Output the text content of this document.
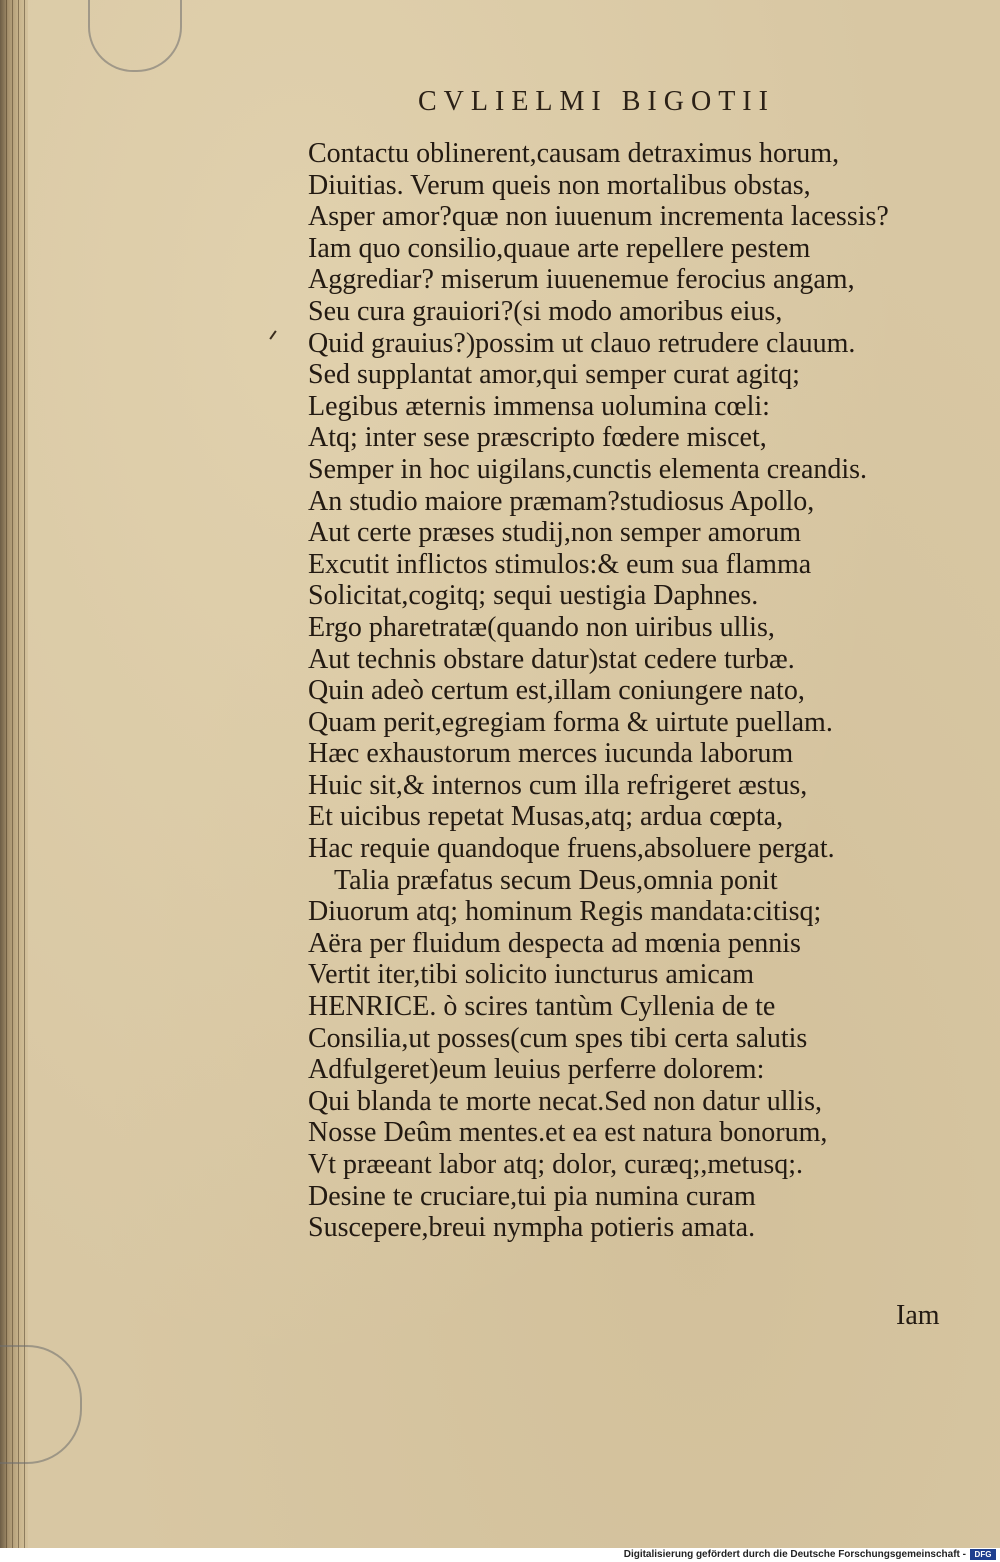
CVLIELMI BIGOTII
Contactu oblinerent,causam detraximus horum,
Diuitias. Verum queis non mortalibus obstas,
Asper amor?quæ non iuuenum incrementa lacessis?
Iam quo consilio,quaue arte repellere pestem
Aggrediar? miserum iuuenemue ferocius angam,
Seu cura grauiori?(si modo amoribus eius,
Quid grauius?)possim ut clauo retrudere clauum.
Sed supplantat amor,qui semper curat agitq;
Legibus æternis immensa uolumina cœli:
Atq; inter sese præscripto fœdere miscet,
Semper in hoc uigilans,cunctis elementa creandis.
An studio maiore præmam?studiosus Apollo,
Aut certe præses studij,non semper amorum
Excutit inflictos stimulos:& eum sua flamma
Solicitat,cogitq; sequi uestigia Daphnes.
Ergo pharetratæ(quando non uiribus ullis,
Aut technis obstare datur)stat cedere turbæ.
Quin adeò certum est,illam coniungere nato,
Quam perit,egregiam forma & uirtute puellam.
Hæc exhaustorum merces iucunda laborum
Huic sit,& internos cum illa refrigeret æstus,
Et uicibus repetat Musas,atq; ardua cœpta,
Hac requie quandoque fruens,absoluere pergat.
Talia præfatus secum Deus,omnia ponit
Diuorum atq; hominum Regis mandata:citisq;
Aëra per fluidum despecta ad mœnia pennis
Vertit iter,tibi solicito iuncturus amicam
HENRICE. ò scires tantùm Cyllenia de te
Consilia,ut posses(cum spes tibi certa salutis
Adfulgeret)eum leuius perferre dolorem:
Qui blanda te morte necat.Sed non datur ullis,
Nosse Deûm mentes.et ea est natura bonorum,
Vt præeant labor atq; dolor, curæq;,metusq;.
Desine te cruciare,tui pia numina curam
Suscepere,breui nympha potieris amata.
Iam
Digitalisierung gefördert durch die Deutsche Forschungsgemeinschaft -	DFG
